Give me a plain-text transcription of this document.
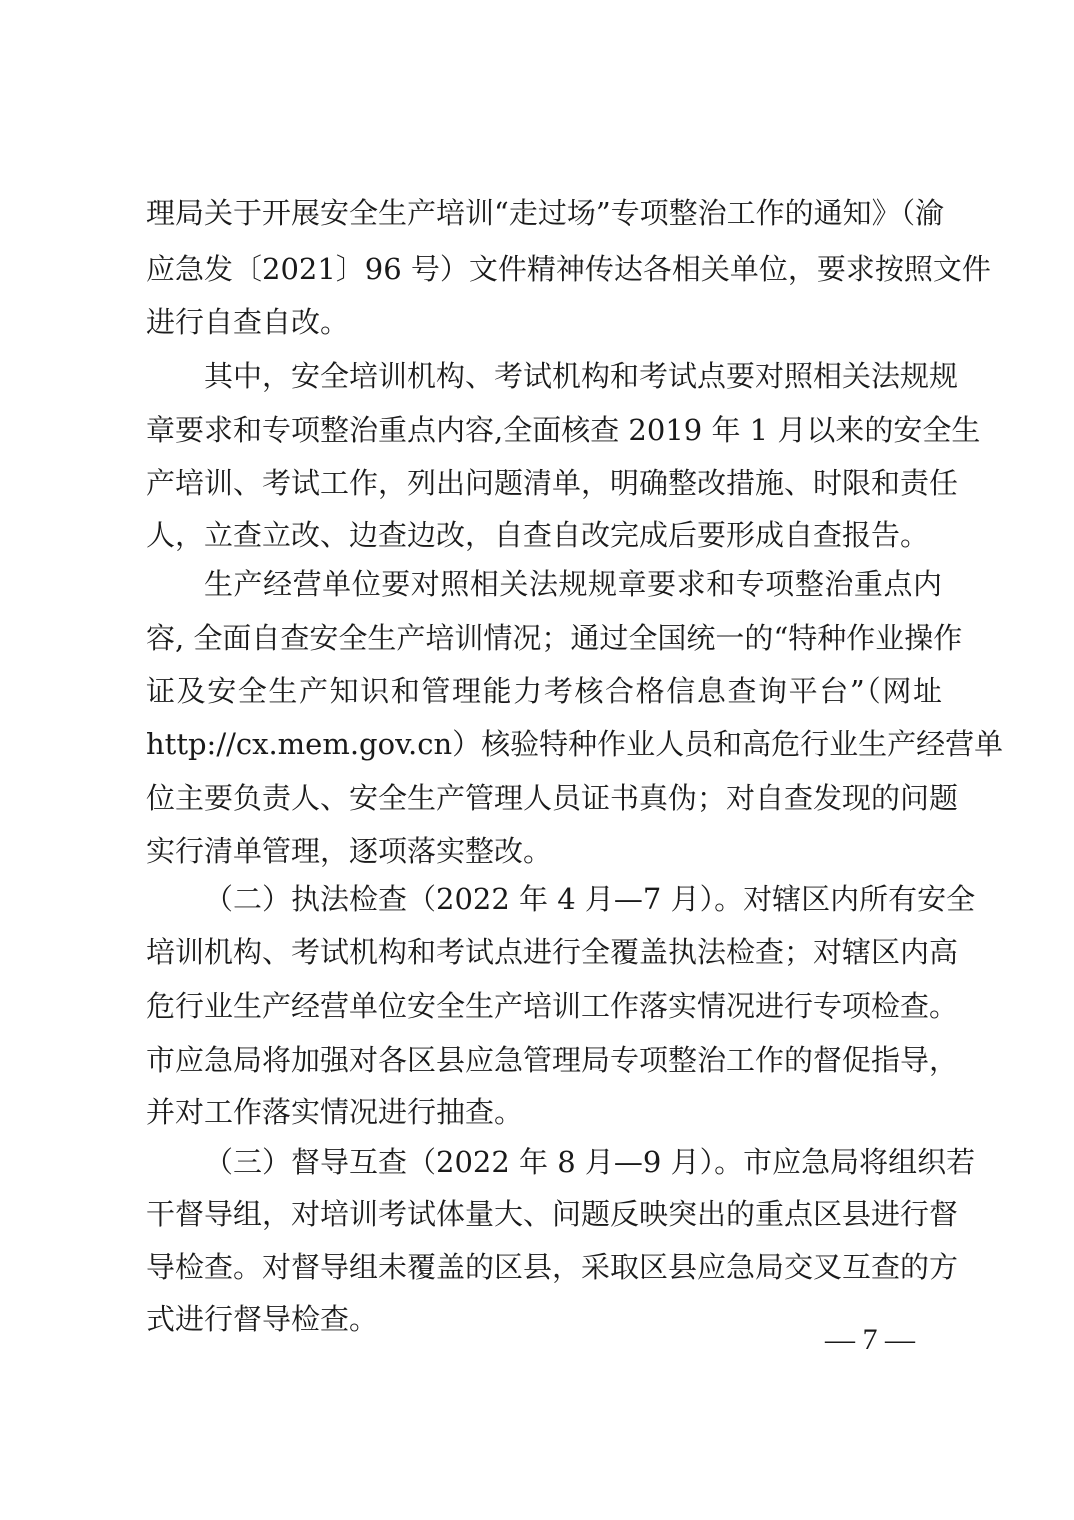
理局关于开展安全生产培训“走过场”专项整治工作的通知》（渝
应急发〔2021〕96 号）文件精神传达各相关单位，要求按照文件
进行自查自改。
其中，安全培训机构、考试机构和考试点要对照相关法规规
章要求和专项整治重点内容,全面核查 2019 年 1 月以来的安全生
产培训、考试工作，列出问题清单，明确整改措施、时限和责任
人，立查立改、边查边改，自查自改完成后要形成自查报告。
生产经营单位要对照相关法规规章要求和专项整治重点内
容, 全面自查安全生产培训情况；通过全国统一的“特种作业操作
证及安全生产知识和管理能力考核合格信息查询平台”（网址
http://cx.mem.gov.cn）核验特种作业人员和高危行业生产经营单
位主要负责人、安全生产管理人员证书真伪；对自查发现的问题
实行清单管理，逐项落实整改。
（二）执法检查（2022 年 4 月—7 月）。对辖区内所有安全
培训机构、考试机构和考试点进行全覆盖执法检查；对辖区内高
危行业生产经营单位安全生产培训工作落实情况进行专项检查。
市应急局将加强对各区县应急管理局专项整治工作的督促指导，
并对工作落实情况进行抽查。
（三）督导互查（2022 年 8 月—9 月）。市应急局将组织若
干督导组，对培训考试体量大、问题反映突出的重点区县进行督
导检查。对督导组未覆盖的区县，采取区县应急局交叉互查的方
式进行督导检查。
— 7 —
